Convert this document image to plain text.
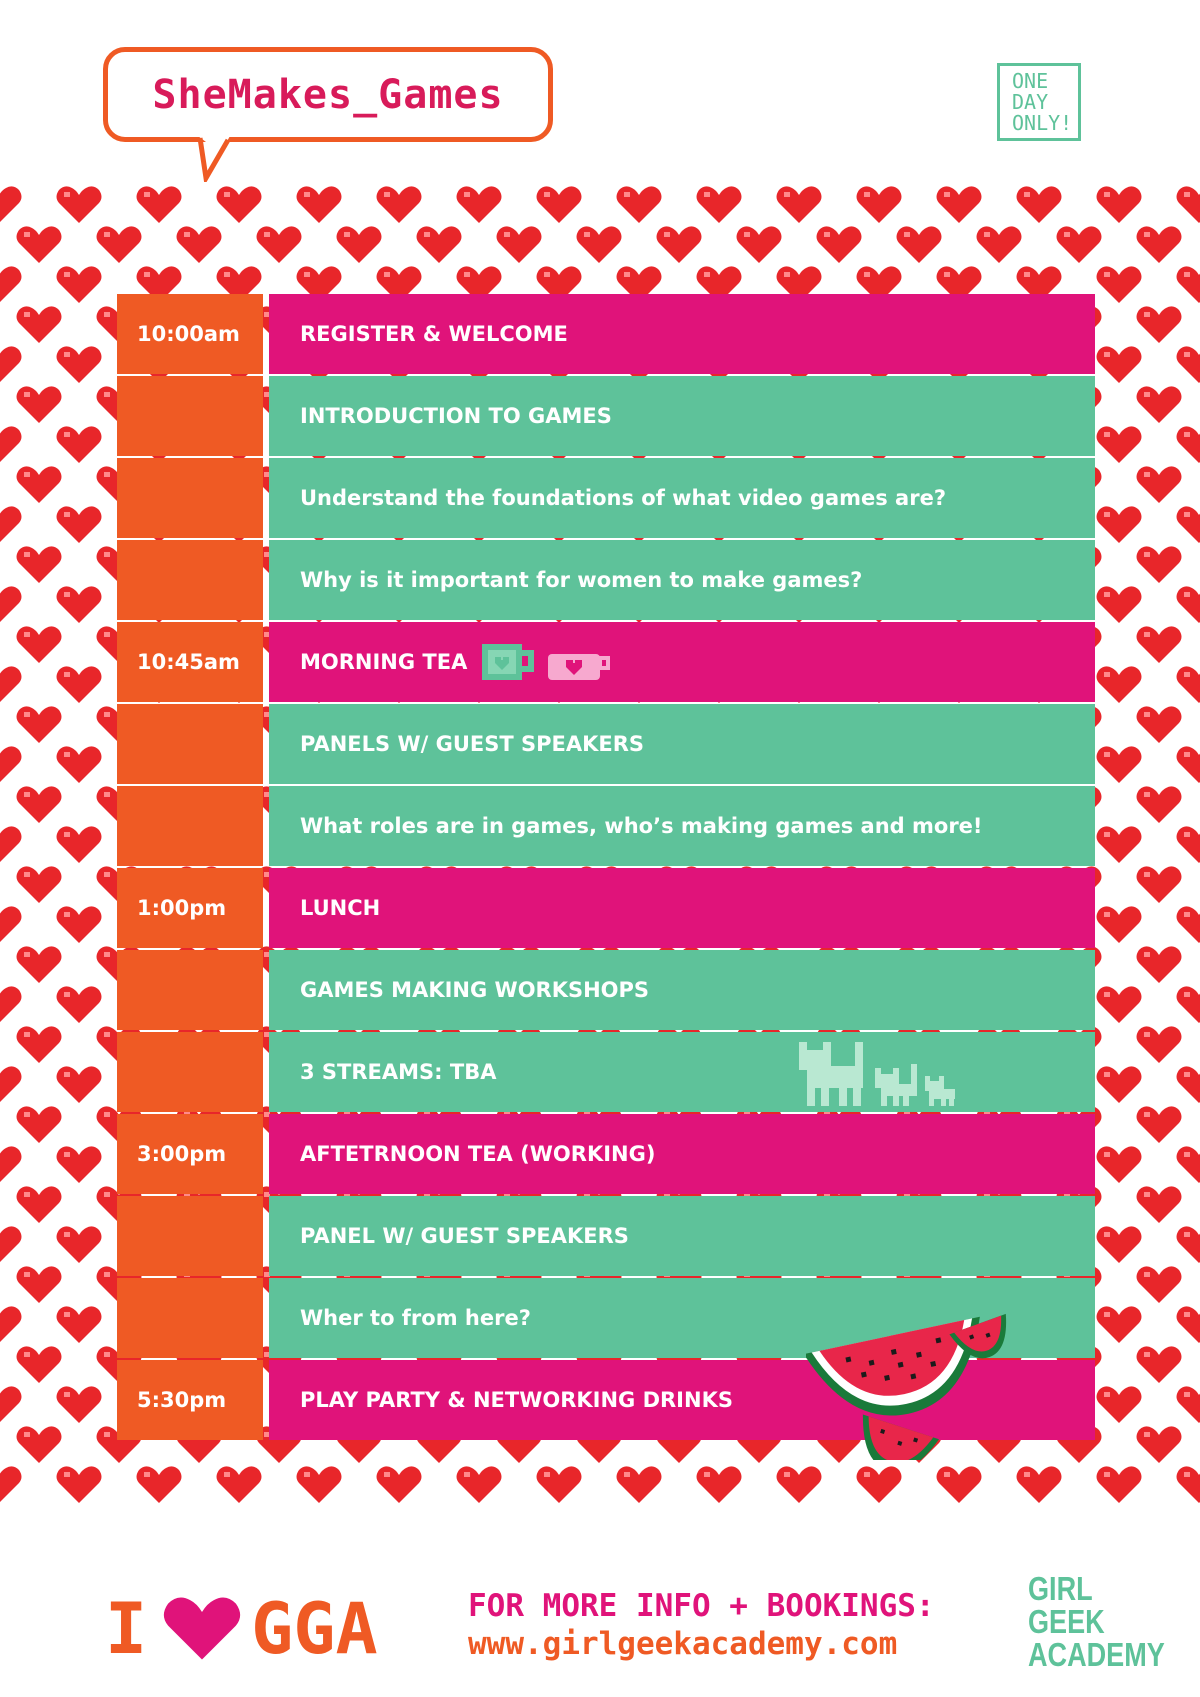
SheMakes_Games	ONE
DAY
ONLY!
10:00am	REGISTER & WELCOME
INTRODUCTION TO GAMES
Understand the foundations of what video games are?
Why is it important for women to make games?
10:45am	MORNING TEA
PANELS W/ GUEST SPEAKERS
What roles are in games, who’s making games and more!
1:00pm	LUNCH
GAMES MAKING WORKSHOPS
3 STREAMS: TBA
3:00pm	AFTETRNOON TEA (WORKING)
PANEL W/ GUEST SPEAKERS
Wher to from here?
5:30pm	PLAY PARTY & NETWORKING DRINKS
I GGA	FOR MORE INFO + BOOKINGS:
www.girlgeekacademy.com
GIRL
GEEK
ACADEMY
